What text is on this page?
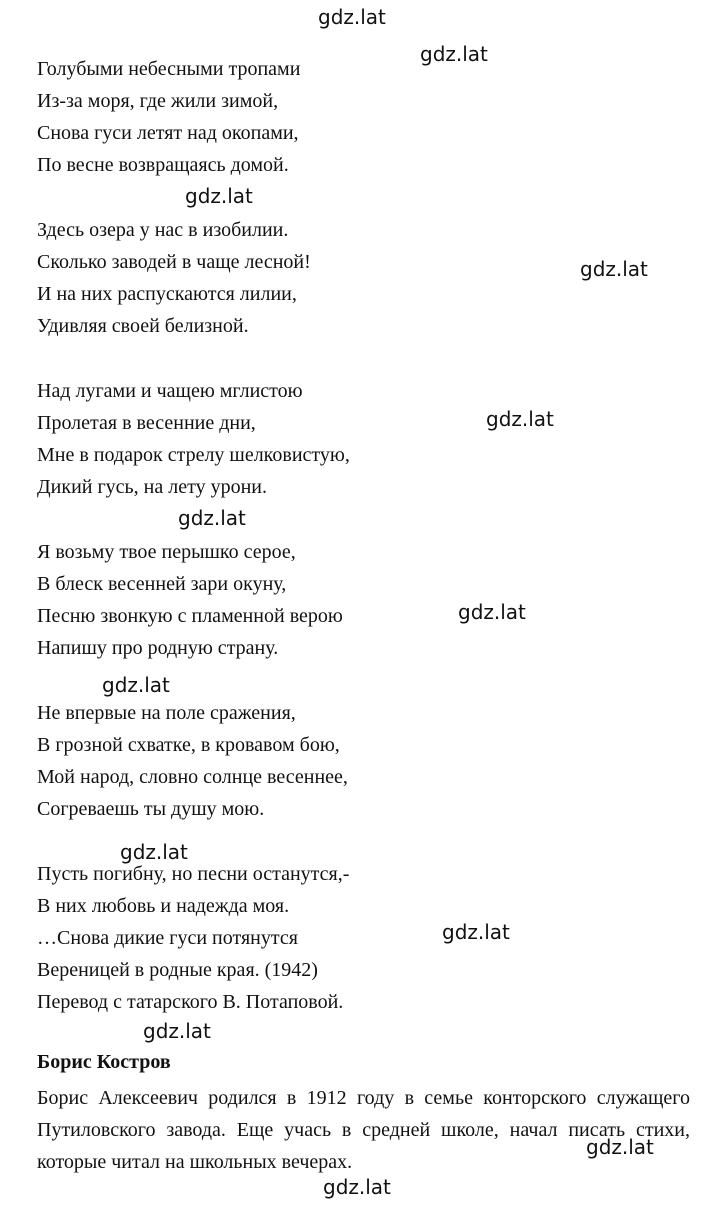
gdz.lat
gdz.lat
gdz.lat
gdz.lat
gdz.lat
gdz.lat
gdz.lat
gdz.lat
gdz.lat
gdz.lat
gdz.lat
gdz.lat
gdz.lat
Голубыми небесными тропами
Из-за моря, где жили зимой,
Снова гуси летят над окопами,
По весне возвращаясь домой.
Здесь озера у нас в изобилии.
Сколько заводей в чаще лесной!
И на них распускаются лилии,
Удивляя своей белизной.
Над лугами и чащею мглистою
Пролетая в весенние дни,
Мне в подарок стрелу шелковистую,
Дикий гусь, на лету урони.
Я возьму твое перышко серое,
В блеск весенней зари окуну,
Песню звонкую с пламенной верою
Напишу про родную страну.
Не впервые на поле сражения,
В грозной схватке, в кровавом бою,
Мой народ, словно солнце весеннее,
Согреваешь ты душу мою.
Пусть погибну, но песни останутся,-
В них любовь и надежда моя.
…Снова дикие гуси потянутся
Вереницей в родные края. (1942)
Перевод с татарского В. Потаповой.
Борис Костров
Борис Алексеевич родился в 1912 году в семье конторского служащего Путиловского завода. Еще учась в средней школе, начал писать стихи, которые читал на школьных вечерах.
